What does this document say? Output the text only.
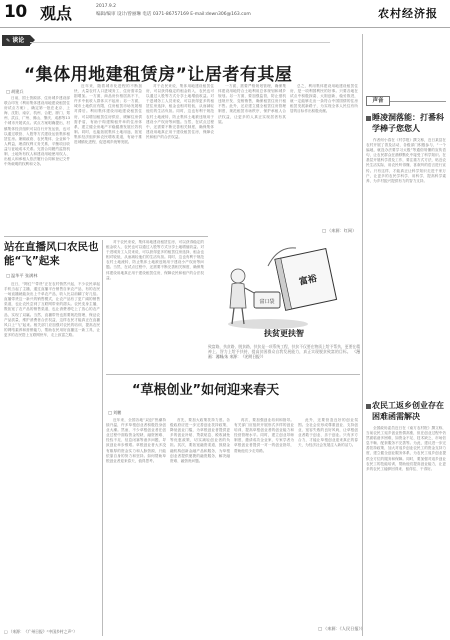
10 观点	2017.9.2
编辑/编审 设计/曾丽琳 电话 0371-86757169 E-mail:dewn306@163.com	农村经济报
✎ 谈论
“集体用地建租赁房”让居者有其屋
□ 胡建兵

日前，国土资源部、住房城乡建设部联合印发《利用集体建设用地建设租赁住房试点方案》，确定第一批在北京、上海、沈阳、南京、杭州、合肥、厦门、郑州、武汉、广州、佛山、肇庆、成都等13个城市开展试点。试点方案明确提出，村镇集体经济组织可以自行开发运营，也可以通过联营、入股等方式建设运营集体租赁住房。兼顾政府、农民集体、企业和个人利益，理清权利义务关系，平衡项目收益与征地成本关系。完善合同履约监管机制，土地所有权人和建设用地使用权人、出租人和承租人依法履行合同和登记文件中所载明的权利和义务。

近年来，随着城市化进程的不断加快，大量农村人口进城务工，住房需求急剧增加。一方面，商品房价格居高不下，许多中低收入群体买不起房；另一方面，城市土地供应有限，住房租赁市场发展相对滞后。利用集体建设用地建设租赁住房，可以增加租赁住房供应，缓解住房供需矛盾，有助于构建购租并举的住房体系，建立健全房地产平稳健康发展长效机制。同时，也能拓展集体土地用途，拓宽集体经济组织和农民增收渠道，有助于推进城镇化进程，促进城乡统筹发展。

对于农民来说，集体用地建设租赁住房，可以获得稳定的租金收入，农民也可以通过入股等方式分享土地增值收益。对于进城务工人员来说，可以获得更多的租赁住房选择，租金也相对较低，从而减轻他们的生活负担。同时，这也有利于规范农村土地流转，防止集体土地被违规用于建设小产权房等问题。当然，在试点过程中，还需要不断完善相关制度，确保集体建设用地真正用于建设租赁住房，保障农民和租户的合法权益。

一方面，需要严格规划管理，确保集体建设用地符合土地利用总体规划和城乡规划。另一方面，要加强监管，防止借机违规开发、变相销售，确保租赁住房只租不售。此外，还应建立健全租赁住房管理制度，规范租赁市场秩序，保护承租人合法权益，让更多的人真正实现居者有其屋。

总之，利用集体建设用地建设租赁住房，是一项利国利民的好事。只要各地在试点中积极探索、大胆创新，稳妥推进，就一定能够走出一条符合中国国情的住房租赁发展新路子，为实现全体人民住有所居的目标作出积极贡献。

□ （来源：红网）
站在直播风口农民也能“飞”起来
□ 温华平 张满林

近日，“网红”“带货”正在农村悄然兴起，不少农民拿起手机当起了主播，通过直播平台销售自家农产品，有的农民一场直播就能卖出上千单农产品，收入比以前翻了好几倍。直播带货这一新兴的销售模式，让农产品有了更广阔的销售渠道，也让农民尝到了互联网带来的甜头。农民变身主播，既拓宽了农产品的销售渠道，也让消费者吃上了放心的农产品，实现了双赢。当然，直播带货也需要规范管理，保证农产品质量，维护消费者合法权益，这样农民才能真正在直播风口上“飞”起来。相关部门应加强对农民的培训，提高农民的网络素养和营销能力，帮助农民用好直播这一新工具，让更多的农民搭上互联网快车，走上致富之路。

□ （来源：《广州日报》“中国乡村之声”）

对于农民来说，集体用地建设租赁住房，可以获得稳定的租金收入，农民也可以通过入股等方式分享土地增值收益。对于进城务工人员来说，可以获得更多的租赁住房选择，租金也相对较低，从而减轻他们的生活负担。同时，这也有利于规范农村土地流转，防止集体土地被违规用于建设小产权房等问题。当然，在试点过程中，还需要不断完善相关制度，确保集体建设用地真正用于建设租赁住房，保障农民和租户的合法权益。

富口袋
富裕
扶贫更扶智
致富路，扶贫路，脱贫路，扶贫是一项系统工程，扶贫不仅要在物质上给予帮扶，更要在精神上、智力上给予扶持，提高贫困群众自我发展能力，真正实现脱贫致富的目标。 （漫画：湘城/朱 来源：《光明日报》）
“草根创业”如何迎来春天
□ 刘鹏

近年来，全国各地“双创”热潮持续升温，许多草根创业者积极投身创业大潮。然而，不少草根创业者在创业过程中面临资金短缺、融资困难、经验不足、信息闭塞等诸多问题，导致创业举步维艰。草根创业者大多没有雄厚的资金实力和人脉资源，只能依靠自身的努力和坚持。如何帮助草根创业者迎来春天，值得思考。

首先，要加大政策扶持力度。各级政府应进一步完善创业扶持政策，降低创业门槛，为草根创业者提供更多的创业补贴、贷款贴息、税收减免等优惠政策，切实减轻创业者的负担。其次，要拓宽融资渠道，鼓励金融机构创新金融产品和服务，为草根创业者提供便捷的融资服务，解决融资难、融资贵问题。

再次，要加强创业培训和指导。有关部门应组织开展形式多样的创业培训，提高草根创业者的创业能力和经营管理水平。同时，建立创业导师制度，邀请成功企业家、专家学者为草根创业者提供一对一的创业指导，帮助他们少走弯路。

此外，还要营造良好的创业氛围。全社会应形成尊重创业、支持创业、宽容失败的良好风尚，让草根创业者敢于创业、乐于创业。只有多方合力，才能让草根创业迎来真正的春天，为经济社会发展注入新的活力。

□ （来源：《人民日报》）
声音
睡凌洞落能：打番科学棒子您您人

作者何小春在《村学报》撰文称，近日某县在农村开展了普及活动，各级部门积极参与，“一个偏地，就没办法要学习太极”等通俗易懂的宣传语句，让农民群众在潜移默化中接受了科学知识。在基层开展科学普及工作，要注重方式方法，贴近农民生活实际，用农民听得懂、喜欢听的语言进行宣传。只有这样，才能真正让科学知识走进千家万户，让更多的农民学科学、用科学，提高科学素养，为乡村振兴提供有力的智力支持。

农民工返乡创业存在困难函需解决

全国政协委员近日在《南方农村报》撰文称，当前农民工返乡创业热情高涨，但在创业过程中仍然面临诸多困难，如资金不足、技术缺乏、市场信息不畅、配套服务不完善等。为此，建议进一步完善扶持政策，加大对返乡创业农民工的资金支持力度，建立健全创业服务体系，为农民工返乡创业提供全方位的服务和保障。同时，要加强对返乡创业农民工的技能培训，帮助他们提高创业能力，让更多的农民工能够回得来、留得住、干得好。
